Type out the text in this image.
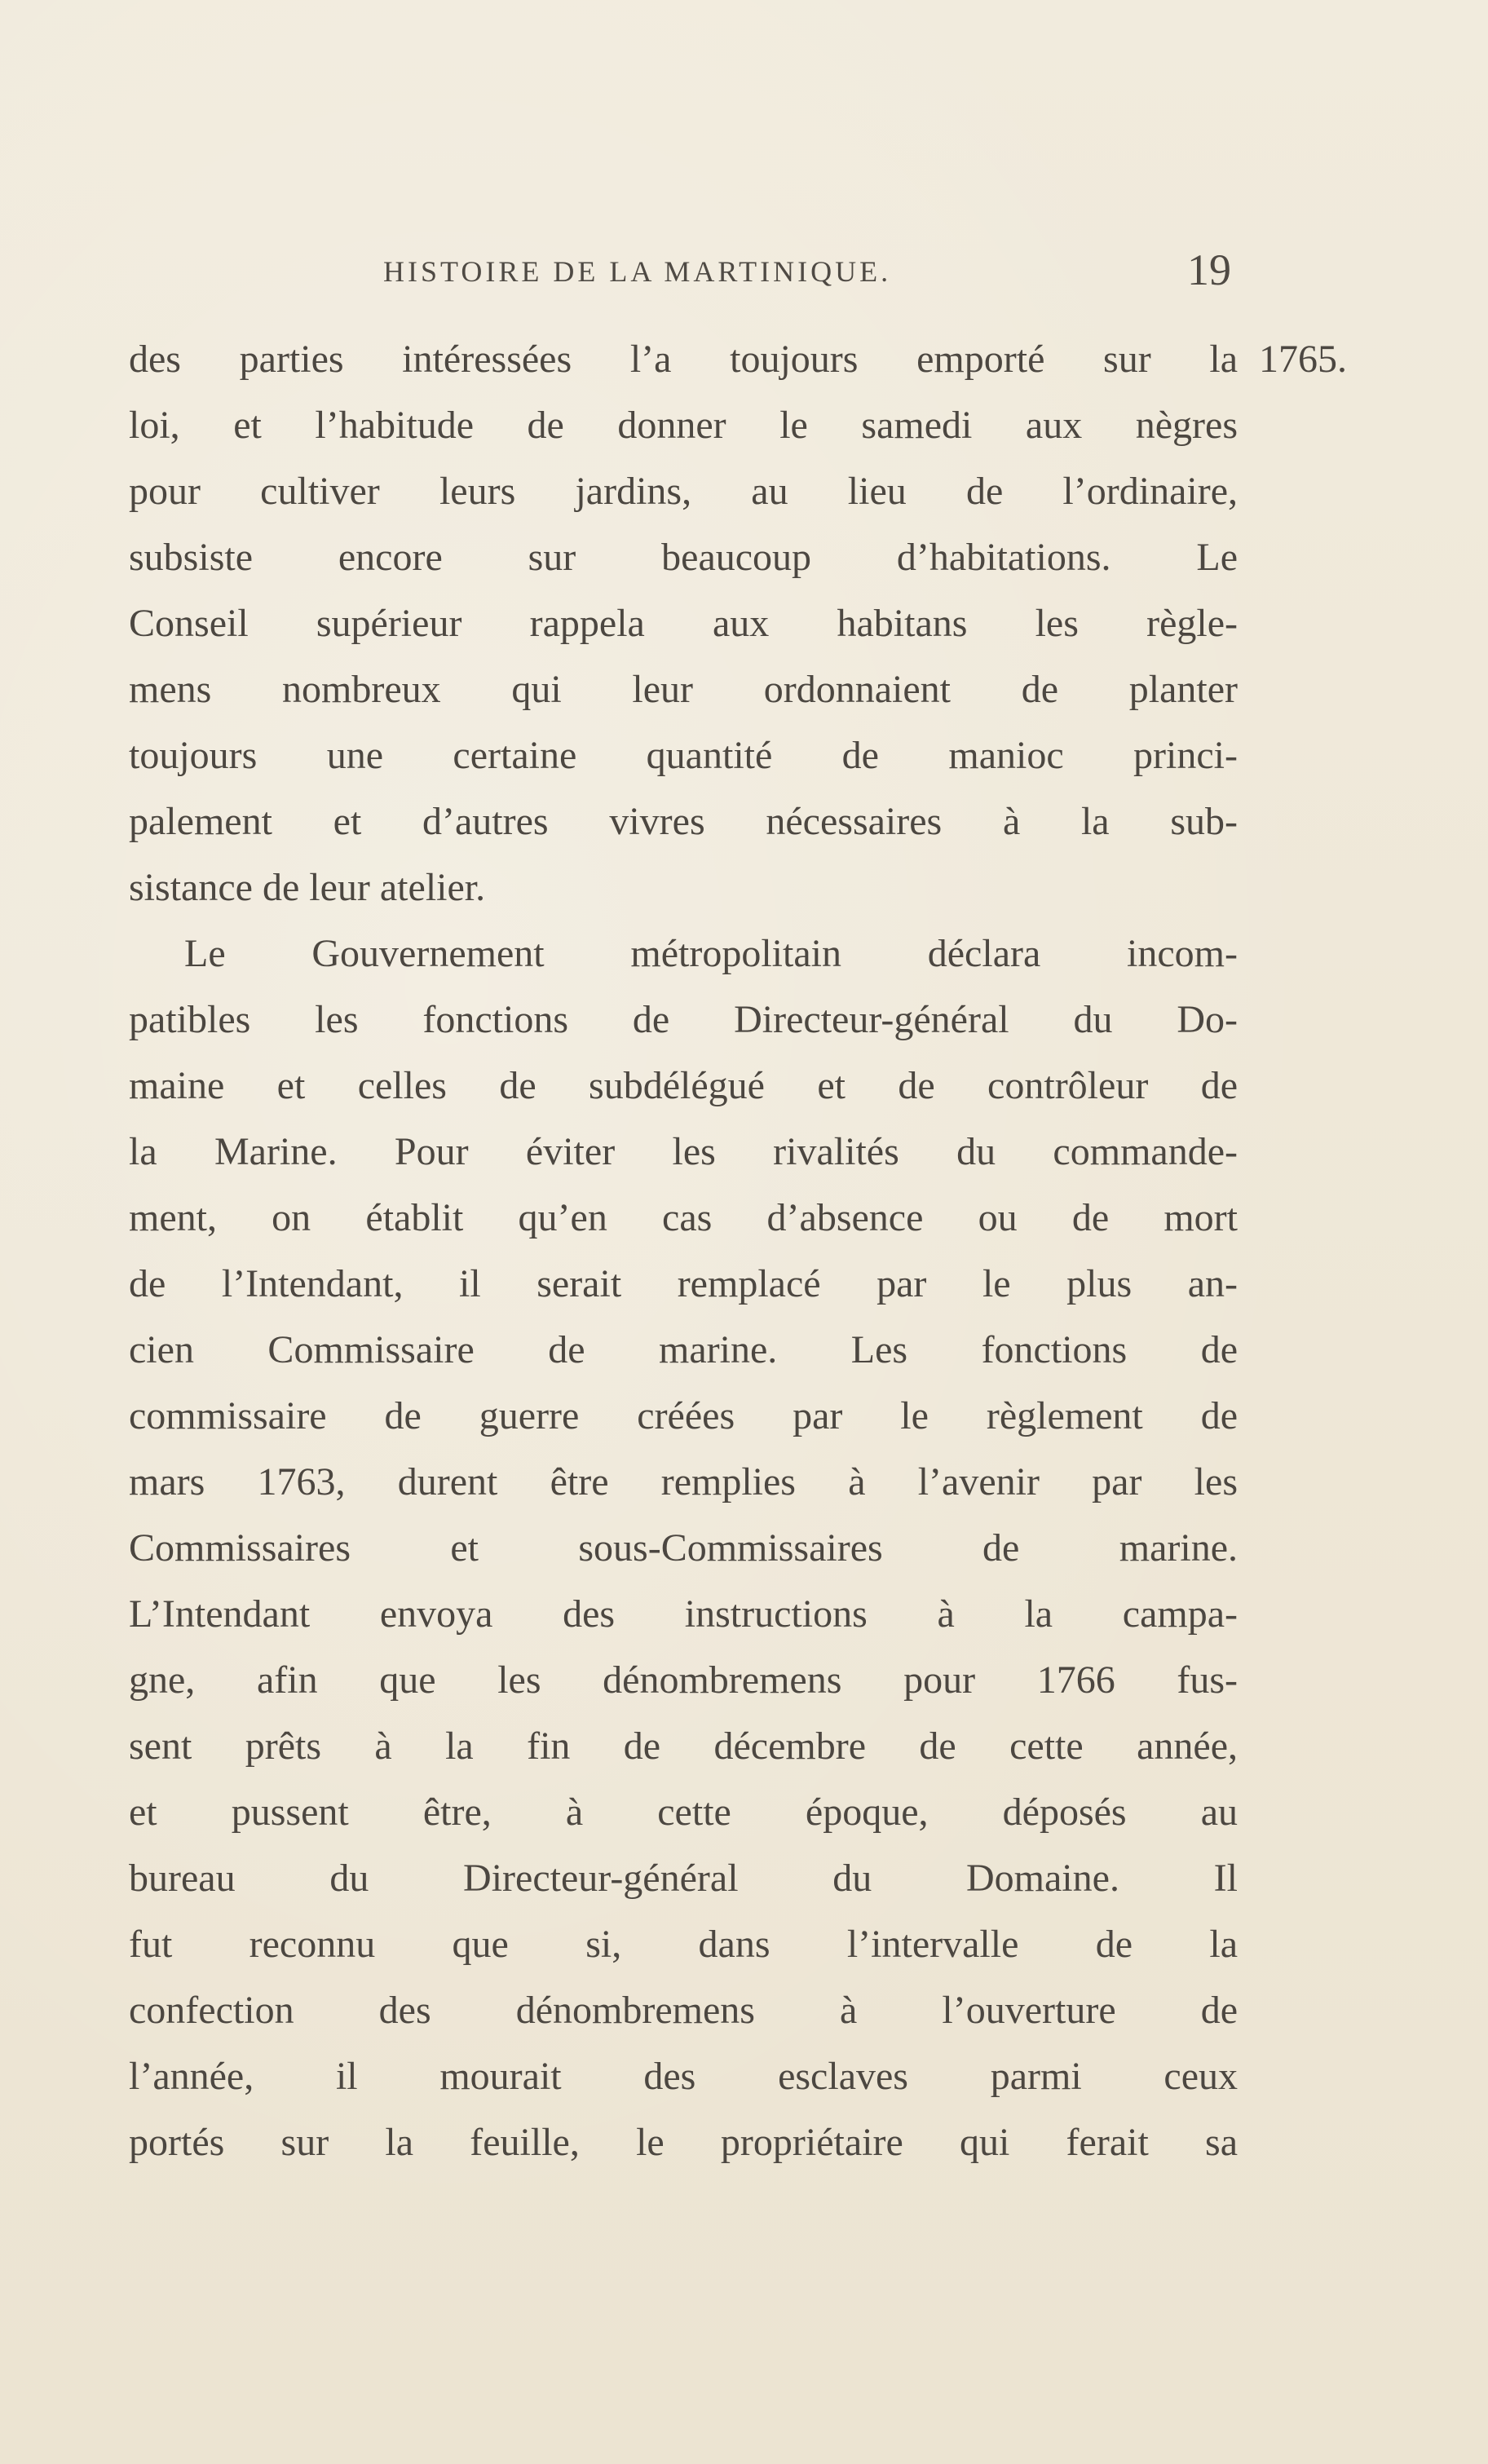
HISTOIRE DE LA MARTINIQUE.	19
1765.
des parties intéressées l’a toujours emporté sur la
loi, et l’habitude de donner le samedi aux nègres
pour cultiver leurs jardins, au lieu de l’ordinaire,
subsiste encore sur beaucoup d’habitations. Le
Conseil supérieur rappela aux habitans les règle-
mens nombreux qui leur ordonnaient de planter
toujours une certaine quantité de manioc princi-
palement et d’autres vivres nécessaires à la sub-
sistance de leur atelier.
Le Gouvernement métropolitain déclara incom-
patibles les fonctions de Directeur-général du Do-
maine et celles de subdélégué et de contrôleur de
la Marine. Pour éviter les rivalités du commande-
ment, on établit qu’en cas d’absence ou de mort
de l’Intendant, il serait remplacé par le plus an-
cien Commissaire de marine. Les fonctions de
commissaire de guerre créées par le règlement de
mars 1763, durent être remplies à l’avenir par les
Commissaires et sous-Commissaires de marine.
L’Intendant envoya des instructions à la campa-
gne, afin que les dénombremens pour 1766 fus-
sent prêts à la fin de décembre de cette année,
et pussent être, à cette époque, déposés au
bureau du Directeur-général du Domaine. Il
fut reconnu que si, dans l’intervalle de la
confection des dénombremens à l’ouverture de
l’année, il mourait des esclaves parmi ceux
portés sur la feuille, le propriétaire qui ferait sa
